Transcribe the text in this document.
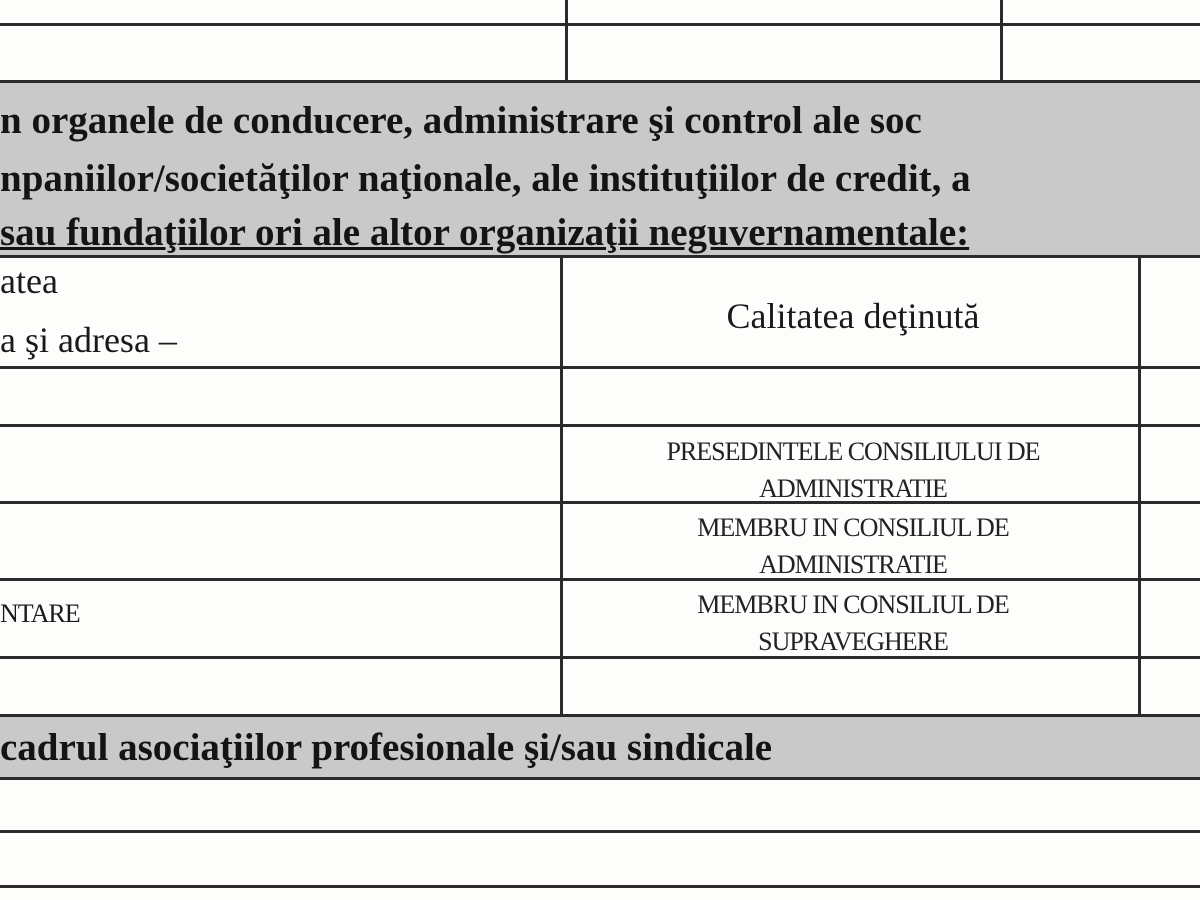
n organele de conducere, administrare şi control ale soc
npaniilor/societăţilor naţionale, ale instituţiilor de credit, a
sau fundaţiilor ori ale altor organizaţii neguvernamentale:
atea
a şi adresa –
Calitatea deţinută
PRESEDINTELE CONSILIULUI DE
ADMINISTRATIE
MEMBRU IN CONSILIUL DE
ADMINISTRATIE
MEMBRU IN CONSILIUL DE
SUPRAVEGHERE
NTARE
cadrul asociaţiilor profesionale şi/sau sindicale
